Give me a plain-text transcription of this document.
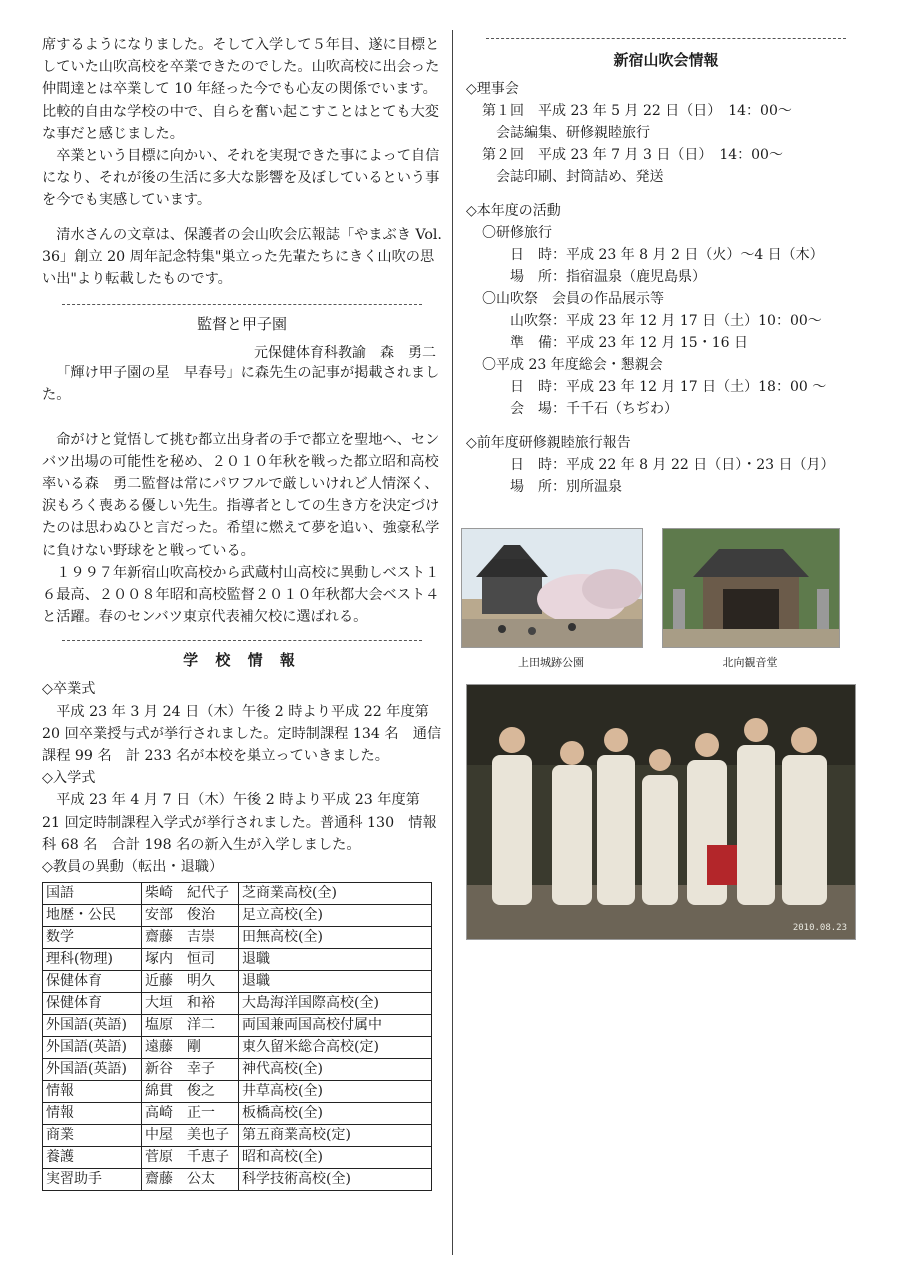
席するようになりました。そして入学して５年目、遂に目標としていた山吹高校を卒業できたのでした。山吹高校に出会った仲間達とは卒業して 10 年経った今でも心友の関係でいます。比較的自由な学校の中で、自らを奮い起こすことはとても大変な事だと感じました。

卒業という目標に向かい、それを実現できた事によって自信になり、それが後の生活に多大な影響を及ぼしているという事を今でも実感しています。

清水さんの文章は、保護者の会山吹会広報誌「やまぶき Vol. 36」創立 20 周年記念特集"巣立った先輩たちにきく山吹の思い出"より転載したものです。

監督と甲子園
元保健体育科教諭　森　勇二

「輝け甲子園の星　早春号」に森先生の記事が掲載されました。

命がけと覚悟して挑む都立出身者の手で都立を聖地へ、センバツ出場の可能性を秘め、２０１０年秋を戦った都立昭和高校率いる森　勇二監督は常にパワフルで厳しいけれど人情深く、涙もろく喪ある優しい先生。指導者としての生き方を決定づけたのは思わぬひと言だった。希望に燃えて夢を追い、強豪私学に負けない野球をと戦っている。

１９９７年新宿山吹高校から武蔵村山高校に異動しベスト１６最高、２００８年昭和高校監督２０１０年秋都大会ベスト４と活躍。春のセンバツ東京代表補欠校に選ばれる。

学 校 情 報

◇卒業式

平成 23 年 3 月 24 日（木）午後 2 時より平成 22 年度第 20 回卒業授与式が挙行されました。定時制課程 134 名　通信課程 99 名　計 233 名が本校を巣立っていきました。

◇入学式

平成 23 年 4 月 7 日（木）午後 2 時より平成 23 年度第 21 回定時制課程入学式が挙行されました。普通科 130　情報科 68 名　合計 198 名の新入生が入学しました。

◇教員の異動（転出・退職）

国語	柴崎　紀代子	芝商業高校(全)
地歴・公民	安部　俊治	足立高校(全)
数学	齋藤　吉崇	田無高校(全)
理科(物理)	塚内　恒司	退職
保健体育	近藤　明久	退職
保健体育	大垣　和裕	大島海洋国際高校(全)
外国語(英語)	塩原　洋二	両国兼両国高校付属中
外国語(英語)	遠藤　剛	東久留米総合高校(定)
外国語(英語)	新谷　幸子	神代高校(全)
情報	綿貫　俊之	井草高校(全)
情報	高崎　正一	板橋高校(全)
商業	中屋　美也子	第五商業高校(定)
養護	菅原　千恵子	昭和高校(全)
実習助手	齋藤　公太	科学技術高校(全)
新宿山吹会情報

◇理事会

第１回　平成 23 年 5 月 22 日（日）　14：00～

会誌編集、研修親睦旅行

第２回　平成 23 年 7 月 3 日（日）　14：00～

会誌印刷、封筒詰め、発送

◇本年度の活動

〇研修旅行

日　時：平成 23 年 8 月 2 日（火）～4 日（木）

場　所：指宿温泉（鹿児島県）

〇山吹祭　会員の作品展示等

山吹祭：平成 23 年 12 月 17 日（土）10：00～

準　備：平成 23 年 12 月 15・16 日

〇平成 23 年度総会・懇親会

日　時：平成 23 年 12 月 17 日（土）18：00 ～

会　場：千千石（ちぢわ）

◇前年度研修親睦旅行報告

日　時：平成 22 年 8 月 22 日（日）・23 日（月）

場　所：別所温泉

上田城跡公園	北向観音堂
2010.08.23
